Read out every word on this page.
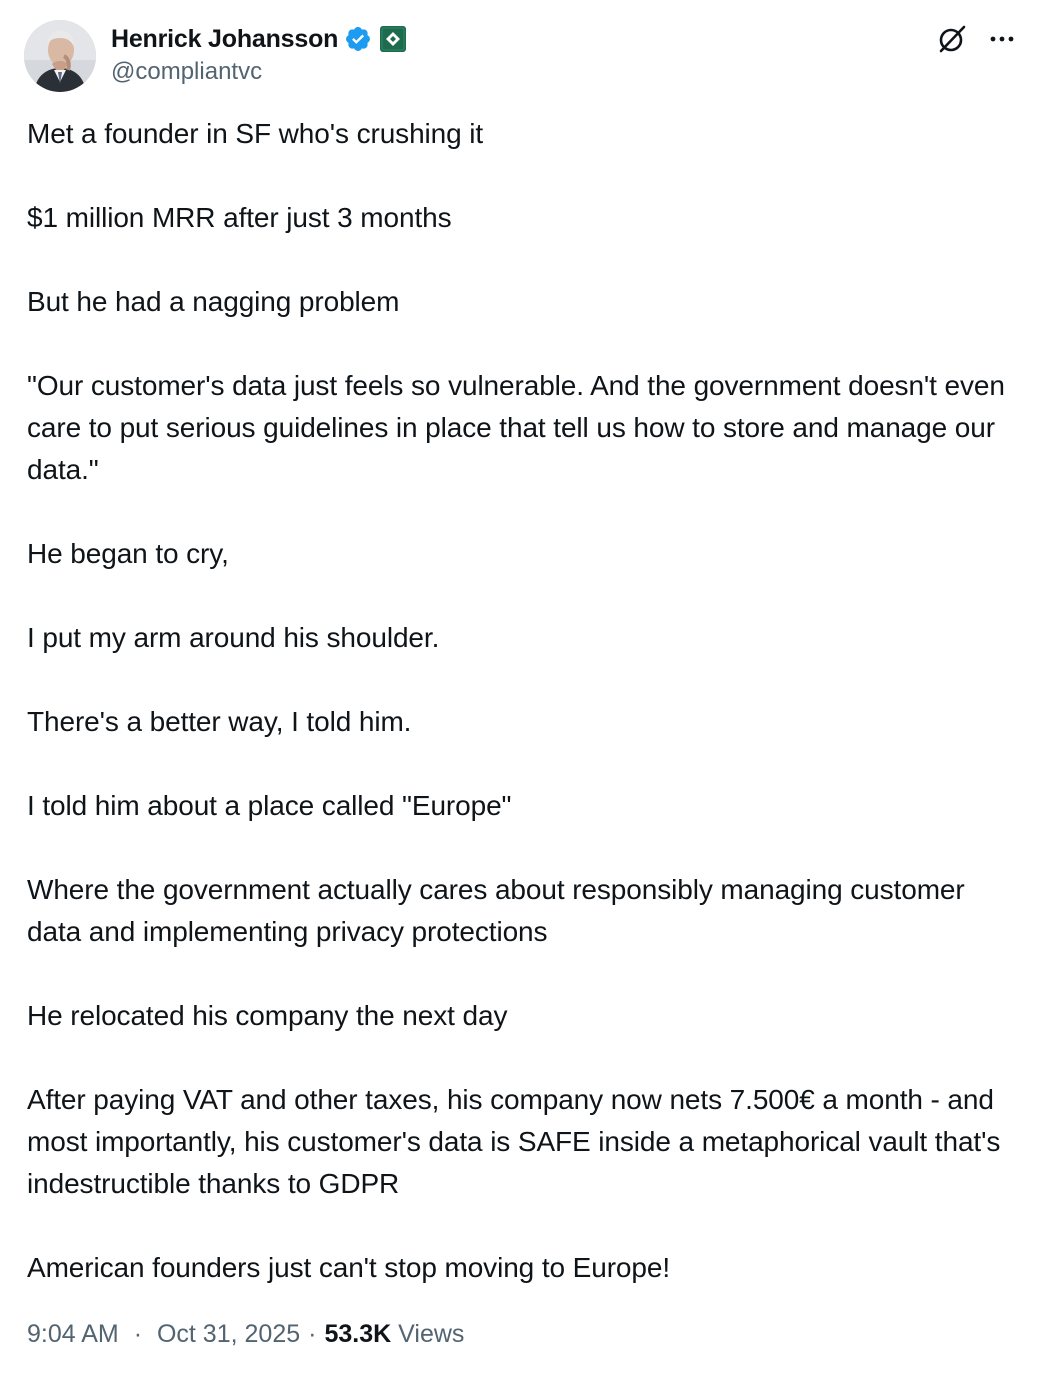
Henrick Johansson
@compliantvc

Met a founder in SF who's crushing it

$1 million MRR after just 3 months

But he had a nagging problem

"Our customer's data just feels so vulnerable. And the government doesn't even care to put serious guidelines in place that tell us how to store and manage our data."

He began to cry,

I put my arm around his shoulder.

There's a better way, I told him.

I told him about a place called "Europe"

Where the government actually cares about responsibly managing customer data and implementing privacy protections

He relocated his company the next day

After paying VAT and other taxes, his company now nets 7.500€ a month - and most importantly, his customer's data is SAFE inside a metaphorical vault that's indestructible thanks to GDPR

American founders just can't stop moving to Europe!

9:04 AM · Oct 31, 2025 · 53.3K Views
